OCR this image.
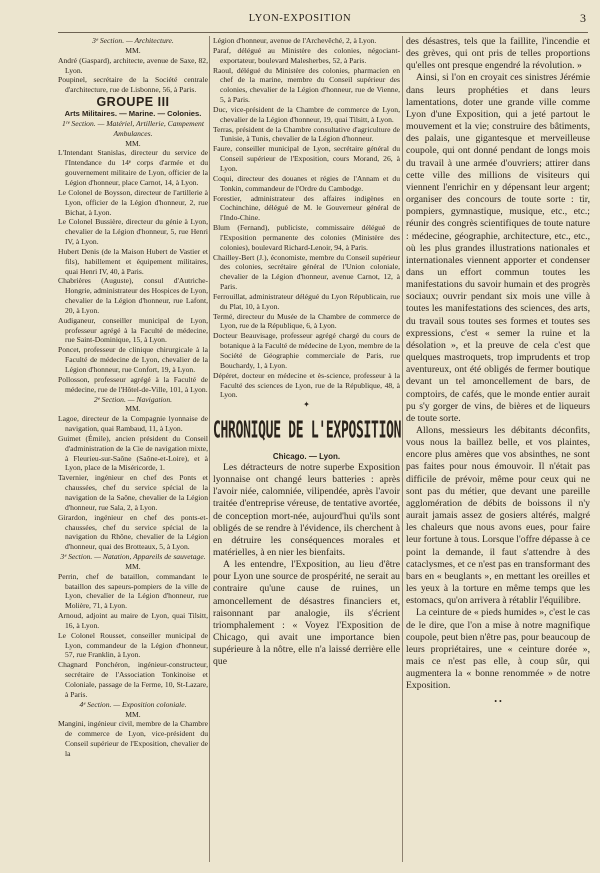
LYON-EXPOSITION	3

3ᵉ Section. — Architecture.

MM.

André (Gaspard), architecte, avenue de Saxe, 82, Lyon.

Poupinel, secrétaire de la Société centrale d'architecture, rue de Lisbonne, 56, à Paris.

GROUPE III

Arts Militaires. — Marine. — Colonies.

1ʳᵉ Section. — Matériel, Artillerie, Campement Ambulances.

MM.

L'Intendant Stanislas, directeur du service de l'Intendance du 14ᵉ corps d'armée et du gouvernement militaire de Lyon, officier de la Légion d'honneur, place Carnot, 14, à Lyon.

Le Colonel de Boysson, directeur de l'artillerie à Lyon, officier de la Légion d'honneur, 2, rue Bichat, à Lyon.

Le Colonel Bussière, directeur du génie à Lyon, chevalier de la Légion d'honneur, 5, rue Henri IV, à Lyon.

Hubert Denis (de la Maison Hubert de Vastier et fils), habillement et équipement militaires, quai Henri IV, 40, à Paris.

Chabrières (Auguste), consul d'Autriche-Hongrie, administrateur des Hospices de Lyon, chevalier de la Légion d'honneur, rue Lafont, 20, à Lyon.

Audiganeur, conseiller municipal de Lyon, professeur agrégé à la Faculté de médecine, rue Saint-Dominique, 15, à Lyon.

Poncet, professeur de clinique chirurgicale à la Faculté de médecine de Lyon, chevalier de la Légion d'honneur, rue Confort, 19, à Lyon.

Pollosson, professeur agrégé à la Faculté de médecine, rue de l'Hôtel-de-Ville, 101, à Lyon.

2ᵉ Section. — Navigation.

MM.

Lagoe, directeur de la Compagnie lyonnaise de navigation, quai Rambaud, 11, à Lyon.

Guimet (Émile), ancien président du Conseil d'administration de la Cie de navigation mixte, à Fleurieu-sur-Saône (Saône-et-Loire), et à Lyon, place de la Miséricorde, 1.

Tavernier, ingénieur en chef des Ponts et chaussées, chef du service spécial de la navigation de la Saône, chevalier de la Légion d'honneur, rue Sala, 2, à Lyon.

Girardon, ingénieur en chef des ponts-et-chaussées, chef du service spécial de la navigation du Rhône, chevalier de la Légion d'honneur, quai des Brotteaux, 5, à Lyon.

3ᵉ Section. — Natation, Appareils de sauvetage.

MM.

Perrin, chef de bataillon, commandant le bataillon des sapeurs-pompiers de la ville de Lyon, chevalier de la Légion d'honneur, rue Molière, 71, à Lyon.

Arnoud, adjoint au maire de Lyon, quai Tilsitt, 16, à Lyon.

Le Colonel Rousset, conseiller municipal de Lyon, commandeur de la Légion d'honneur, 57, rue Franklin, à Lyon.

Chagnard Ponchéron, ingénieur-constructeur, secrétaire de l'Association Tonkinoise et Coloniale, passage de la Ferme, 10, St-Lazare, à Paris.

4ᵉ Section. — Exposition coloniale.

MM.

Mangini, ingénieur civil, membre de la Chambre de commerce de Lyon, vice-président du Conseil supérieur de l'Exposition, chevalier de la

Légion d'honneur, avenue de l'Archevêché, 2, à Lyon.

Paraf, délégué au Ministère des colonies, négociant-exportateur, boulevard Malesherbes, 52, à Paris.

Raoul, délégué du Ministère des colonies, pharmacien en chef de la marine, membre du Conseil supérieur des colonies, chevalier de la Légion d'honneur, rue de Vienne, 5, à Paris.

Duc, vice-président de la Chambre de commerce de Lyon, chevalier de la Légion d'honneur, 19, quai Tilsitt, à Lyon.

Terras, président de la Chambre consultative d'agriculture de Tunisie, à Tunis, chevalier de la Légion d'honneur.

Faure, conseiller municipal de Lyon, secrétaire général du Conseil supérieur de l'Exposition, cours Morand, 26, à Lyon.

Coqui, directeur des douanes et régies de l'Annam et du Tonkin, commandeur de l'Ordre du Cambodge.

Forestier, administrateur des affaires indigènes en Cochinchine, délégué de M. le Gouverneur général de l'Indo-Chine.

Blum (Fernand), publiciste, commissaire délégué de l'Exposition permanente des colonies (Ministère des colonies), boulevard Richard-Lenoir, 94, à Paris.

Chailley-Bert (J.), économiste, membre du Conseil supérieur des colonies, secrétaire général de l'Union coloniale, chevalier de la Légion d'honneur, avenue Carnot, 12, à Paris.

Ferrouillat, administrateur délégué du Lyon Républicain, rue du Plat, 10, à Lyon.

Termé, directeur du Musée de la Chambre de commerce de Lyon, rue de la République, 6, à Lyon.

Docteur Beauvisage, professeur agrégé chargé du cours de botanique à la Faculté de médecine de Lyon, membre de la Société de Géographie commerciale de Paris, rue Bouchardy, 1, à Lyon.

Dépéret, docteur en médecine et ès-science, professeur à la Faculté des sciences de Lyon, rue de la République, 48, à Lyon.

✦

CHRONIQUE DE L'EXPOSITION

Chicago. — Lyon.

Les détracteurs de notre superbe Exposition lyonnaise ont changé leurs batteries : après l'avoir niée, calomniée, vilipendée, après l'avoir traitée d'entreprise véreuse, de tentative avortée, de conception mort-née, aujourd'hui qu'ils sont obligés de se rendre à l'évidence, ils cherchent à en détruire les conséquences morales et matérielles, à en nier les bienfaits.

A les entendre, l'Exposition, au lieu d'être pour Lyon une source de prospérité, ne serait au contraire qu'une cause de ruines, un amoncellement de désastres financiers et, raisonnant par analogie, ils s'écrient triomphalement : « Voyez l'Exposition de Chicago, qui avait une importance bien supérieure à la nôtre, elle n'a laissé derrière elle que

des désastres, tels que la faillite, l'incendie et des grèves, qui ont pris de telles proportions qu'elles ont presque engendré la révolution. »

Ainsi, si l'on en croyait ces sinistres Jérémie dans leurs prophéties et dans leurs lamentations, doter une grande ville comme Lyon d'une Exposition, qui a jeté partout le mouvement et la vie; construire des bâtiments, des palais, une gigantesque et merveilleuse coupole, qui ont donné pendant de longs mois du travail à une armée d'ouvriers; attirer dans cette ville des millions de visiteurs qui viennent l'enrichir en y dépensant leur argent; organiser des concours de toute sorte : tir, pompiers, gymnastique, musique, etc., etc.; réunir des congrès scientifiques de toute nature : médecine, géographie, architecture, etc., etc., où les plus grandes illustrations nationales et internationales viennent apporter et condenser dans un effort commun toutes les manifestations du savoir humain et des progrès sociaux; ouvrir pendant six mois une ville à toutes les manifestations des sciences, des arts, du travail sous toutes ses formes et toutes ses expressions, c'est « semer la ruine et la désolation », et la preuve de cela c'est que quelques mastroquets, trop imprudents et trop aventureux, ont été obligés de fermer boutique devant un tel amoncellement de bars, de comptoirs, de cafés, que le monde entier aurait pu s'y gorger de vins, de bières et de liqueurs de toute sorte.

Allons, messieurs les débitants déconfits, vous nous la baillez belle, et vos plaintes, encore plus amères que vos absinthes, ne sont pas faites pour nous émouvoir. Il n'était pas difficile de prévoir, même pour ceux qui ne sont pas du métier, que devant une pareille agglomération de débits de boissons il n'y aurait jamais assez de gosiers altérés, malgré les chaleurs que nous avons eues, pour faire leur fortune à tous. Lorsque l'offre dépasse à ce point la demande, il faut s'attendre à des cataclysmes, et ce n'est pas en transformant des bars en « beuglants », en mettant les oreilles et les yeux à la torture en même temps que les estomacs, qu'on arrivera à rétablir l'équilibre.

La ceinture de « pieds humides », c'est le cas de le dire, que l'on a mise à notre magnifique coupole, peut bien n'être pas, pour beaucoup de leurs propriétaires, une « ceinture dorée », mais ce n'est pas elle, à coup sûr, qui augmentera la « bonne renommée » de notre Exposition.

• •
